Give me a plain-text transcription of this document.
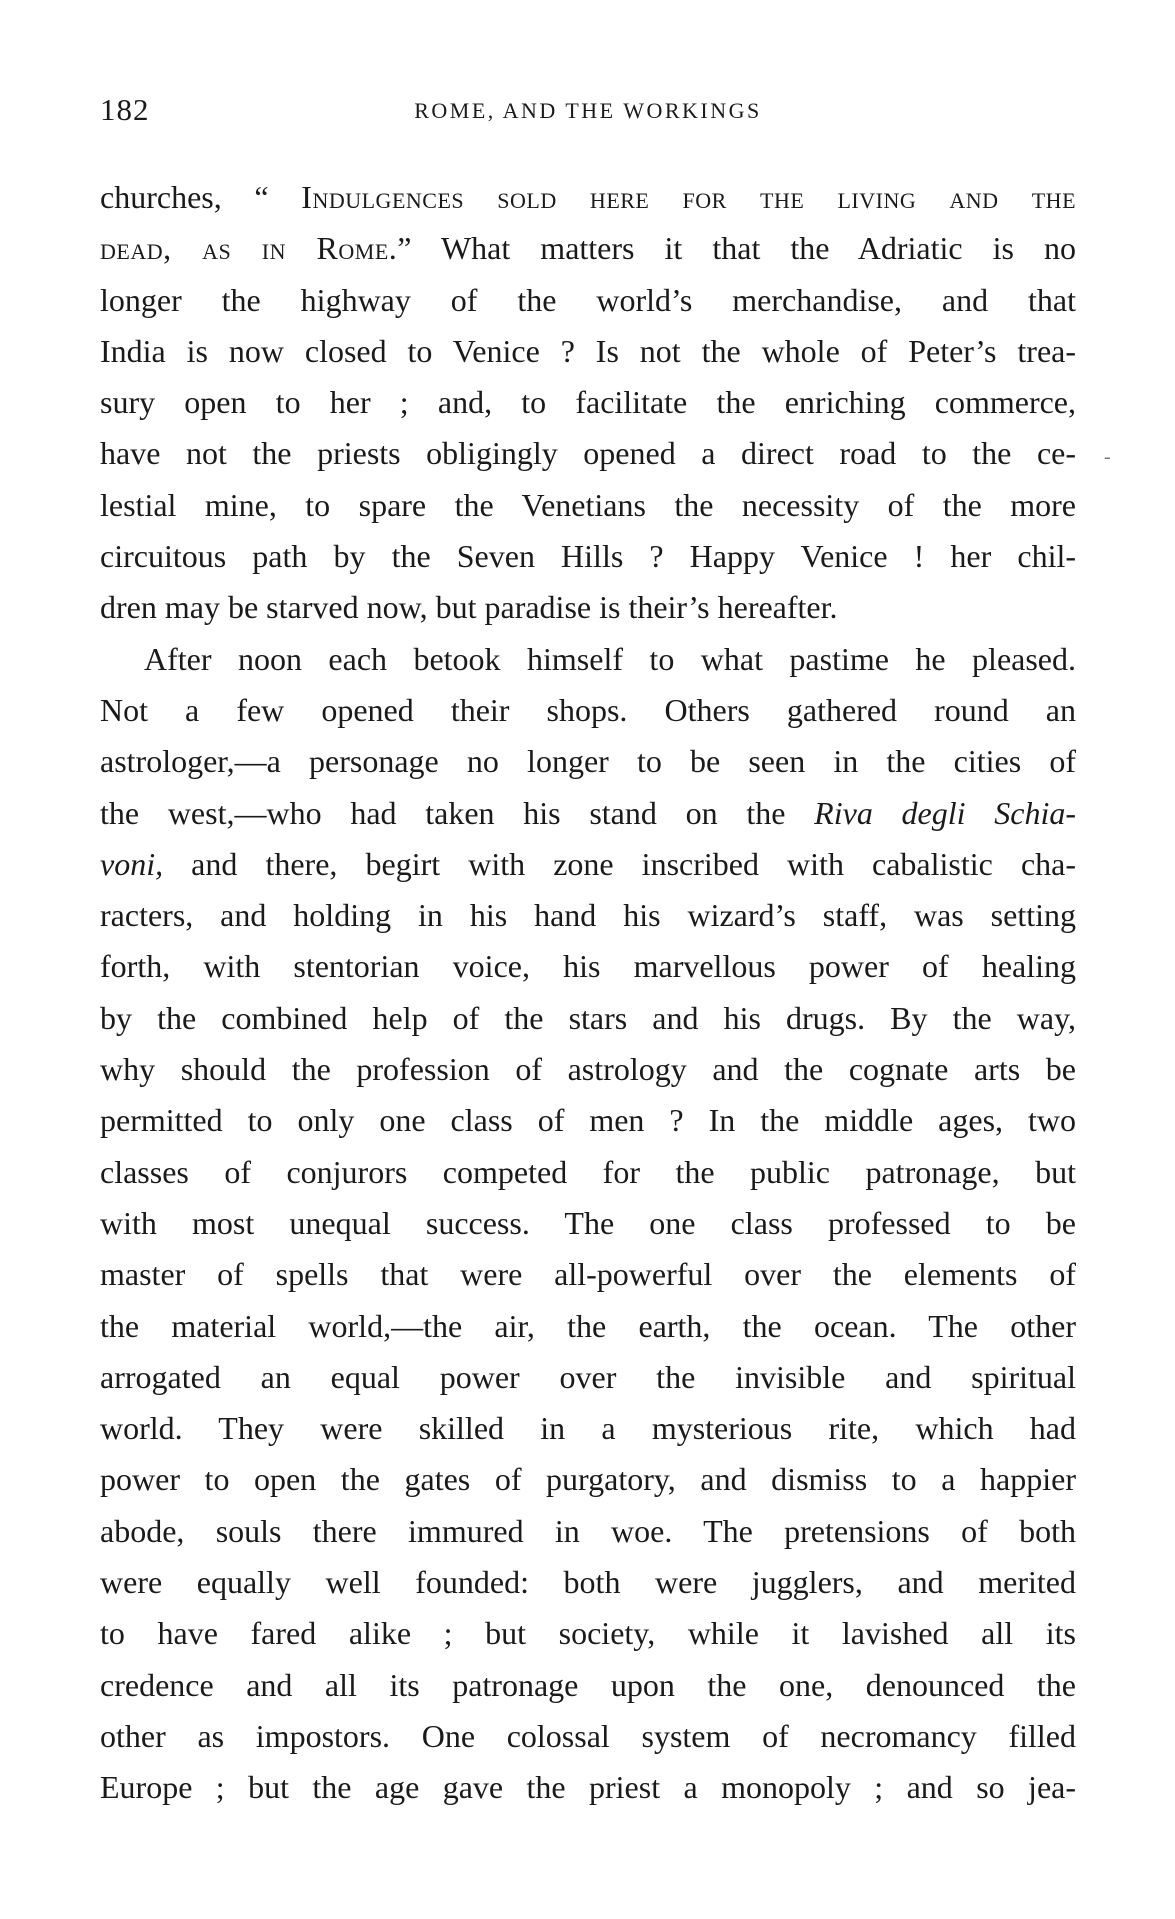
182	ROME, AND THE WORKINGS
-
churches, “ Indulgences sold here for the living and the
dead, as in Rome.” What matters it that the Adriatic is no
longer the highway of the world’s merchandise, and that
India is now closed to Venice ? Is not the whole of Peter’s trea-
sury open to her ; and, to facilitate the enriching commerce,
have not the priests obligingly opened a direct road to the ce-
lestial mine, to spare the Venetians the necessity of the more
circuitous path by the Seven Hills ? Happy Venice ! her chil-
dren may be starved now, but paradise is their’s hereafter.
After noon each betook himself to what pastime he pleased.
Not a few opened their shops. Others gathered round an
astrologer,—a personage no longer to be seen in the cities of
the west,—who had taken his stand on the Riva degli Schia-
voni, and there, begirt with zone inscribed with cabalistic cha-
racters, and holding in his hand his wizard’s staff, was setting
forth, with stentorian voice, his marvellous power of healing
by the combined help of the stars and his drugs. By the way,
why should the profession of astrology and the cognate arts be
permitted to only one class of men ? In the middle ages, two
classes of conjurors competed for the public patronage, but
with most unequal success. The one class professed to be
master of spells that were all-powerful over the elements of
the material world,—the air, the earth, the ocean. The other
arrogated an equal power over the invisible and spiritual
world. They were skilled in a mysterious rite, which had
power to open the gates of purgatory, and dismiss to a happier
abode, souls there immured in woe. The pretensions of both
were equally well founded: both were jugglers, and merited
to have fared alike ; but society, while it lavished all its
credence and all its patronage upon the one, denounced the
other as impostors. One colossal system of necromancy filled
Europe ; but the age gave the priest a monopoly ; and so jea-
